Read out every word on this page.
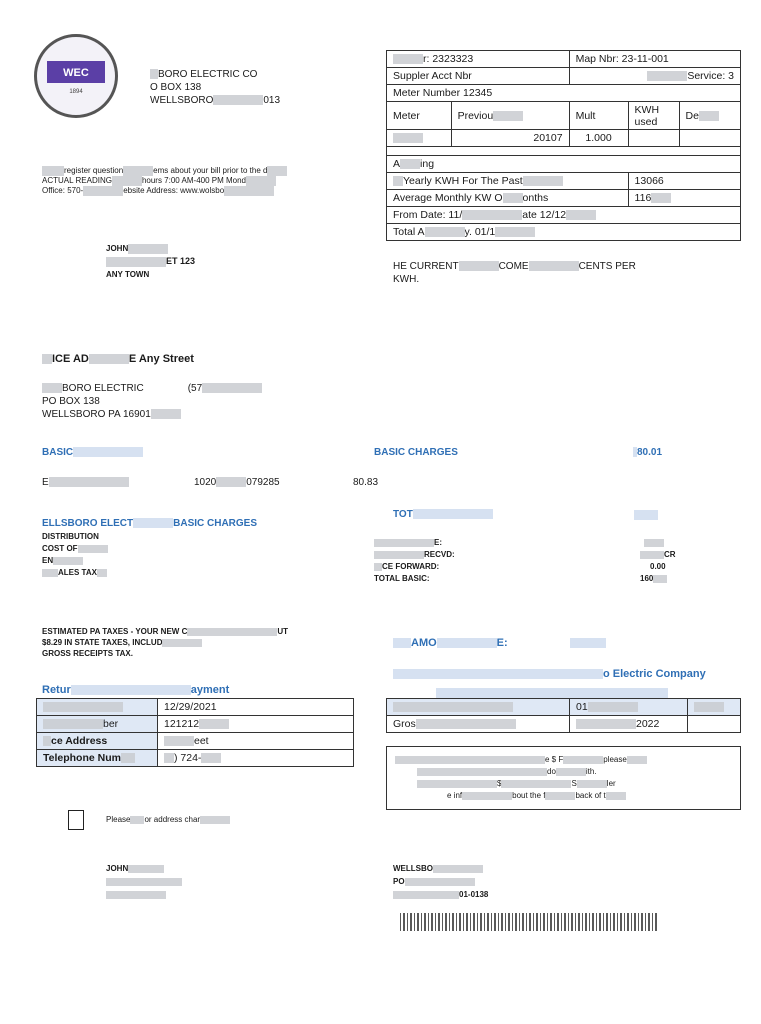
WEC
1894
BORO ELECTRIC CO
O BOX 138
WELLSBORO	013
r: 2323323		Map Nbr: 23-11-001		
Suppler Acct Nbr		Service: 3		
Meter Number 12345				
Meter	Previou	Mult	KWH used	De
	20107	1.000		

A ing				
Yearly KWH For The Past			13066	
Average Monthly KW O onths			116	
From Date: 11/ ate 12/12				
Total A y. 01/1				
HE CURRENT	COME	CENTS PER
KWH.
register question	ems about your bill prior to the d
ACTUAL READING	hours 7:00 AM-400 PM Mond
Office: 570-	ebsite Address: www.wolsbo
JOHN
ET 123
ANY TOWN
ICE AD	E Any Street
BORO ELECTRIC	(57
PO BOX 138
WELLSBORO PA 16901
BASIC
E	1020	079285	80.83
BASIC CHARGES	80.01
ELLSBORO ELECT	BASIC CHARGES
DISTRIBUTION
COST OF
EN
ALES TAX
TOT
E:
RECVD:	CR
CE FORWARD:	0.00
TOTAL BASIC:	160
ESTIMATED PA TAXES - YOUR NEW C	UT
$8.29 IN STATE TAXES, INCLUD
GROSS RECEIPTS TAX.
Retur	ayment
	12/29/2021
ber	121212
ce Address	eet
Telephone Num	) 724-
AMO	E:
o Electric Company
	01	
Gros	2022	
e $ F	please
do	ith.
$	S	ler
e inf	bout the f	back of t
Please or address char
JOHN	WELLSBO
PO
01-0138
